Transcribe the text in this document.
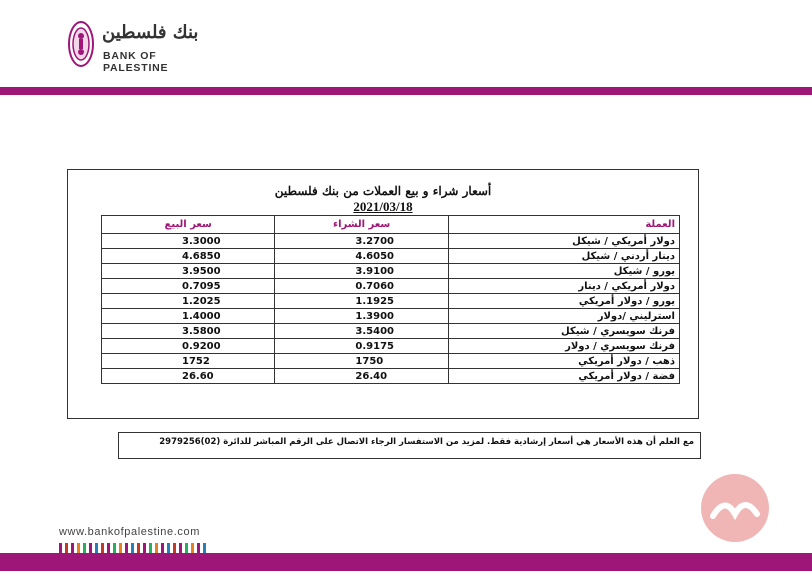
بنك فلسطين
BANK OF PALESTINE
أسعار شراء و بيع العملات من بنك فلسطين
2021/03/18
العملة	سعر الشراء	سعر البيع
دولار أمريكي / شيكل	3.2700	3.3000
دينار أردني / شيكل	4.6050	4.6850
يورو / شيكل	3.9100	3.9500
دولار أمريكي / دينار	0.7060	0.7095
يورو / دولار أمريكي	1.1925	1.2025
استرليني /دولار	1.3900	1.4000
فرنك سويسري / شيكل	3.5400	3.5800
فرنك سويسري / دولار	0.9175	0.9200
ذهب / دولار أمريكي	1750	1752
فضة / دولار أمريكي	26.40	26.60
مع العلم أن هذه الأسعار هي أسعار إرشادية فقط. لمزيد من الاستفسار الرجاء الاتصال على الرقم المباشر للدائرة (02)2979256
www.bankofpalestine.com
